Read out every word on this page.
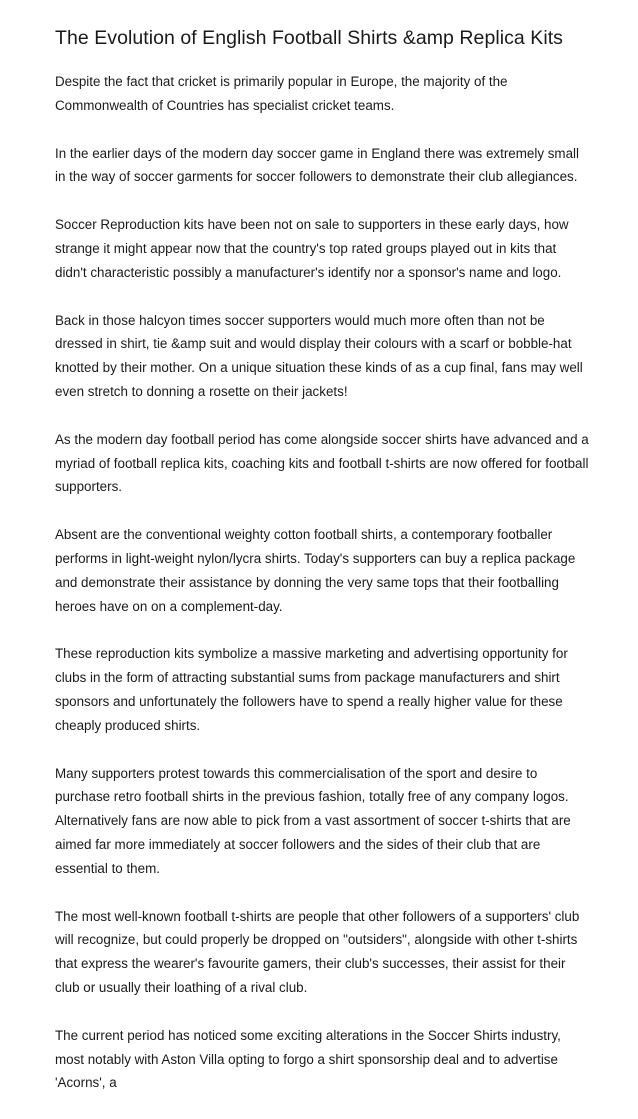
The Evolution of English Football Shirts &amp Replica Kits

Despite the fact that cricket is primarily popular in Europe, the majority of the Commonwealth of Countries has specialist cricket teams.

In the earlier days of the modern day soccer game in England there was extremely small in the way of soccer garments for soccer followers to demonstrate their club allegiances.

Soccer Reproduction kits have been not on sale to supporters in these early days, how strange it might appear now that the country's top rated groups played out in kits that didn't characteristic possibly a manufacturer's identify nor a sponsor's name and logo.

Back in those halcyon times soccer supporters would much more often than not be dressed in shirt, tie &amp suit and would display their colours with a scarf or bobble-hat knotted by their mother. On a unique situation these kinds of as a cup final, fans may well even stretch to donning a rosette on their jackets!

As the modern day football period has come alongside soccer shirts have advanced and a myriad of football replica kits, coaching kits and football t-shirts are now offered for football supporters.

Absent are the conventional weighty cotton football shirts, a contemporary footballer performs in light-weight nylon/lycra shirts. Today's supporters can buy a replica package and demonstrate their assistance by donning the very same tops that their footballing heroes have on on a complement-day.

These reproduction kits symbolize a massive marketing and advertising opportunity for clubs in the form of attracting substantial sums from package manufacturers and shirt sponsors and unfortunately the followers have to spend a really higher value for these cheaply produced shirts.

Many supporters protest towards this commercialisation of the sport and desire to purchase retro football shirts in the previous fashion, totally free of any company logos. Alternatively fans are now able to pick from a vast assortment of soccer t-shirts that are aimed far more immediately at soccer followers and the sides of their club that are essential to them.

The most well-known football t-shirts are people that other followers of a supporters' club will recognize, but could properly be dropped on "outsiders", alongside with other t-shirts that express the wearer's favourite gamers, their club's successes, their assist for their club or usually their loathing of a rival club.

The current period has noticed some exciting alterations in the Soccer Shirts industry, most notably with Aston Villa opting to forgo a shirt sponsorship deal and to advertise 'Acorns', a
